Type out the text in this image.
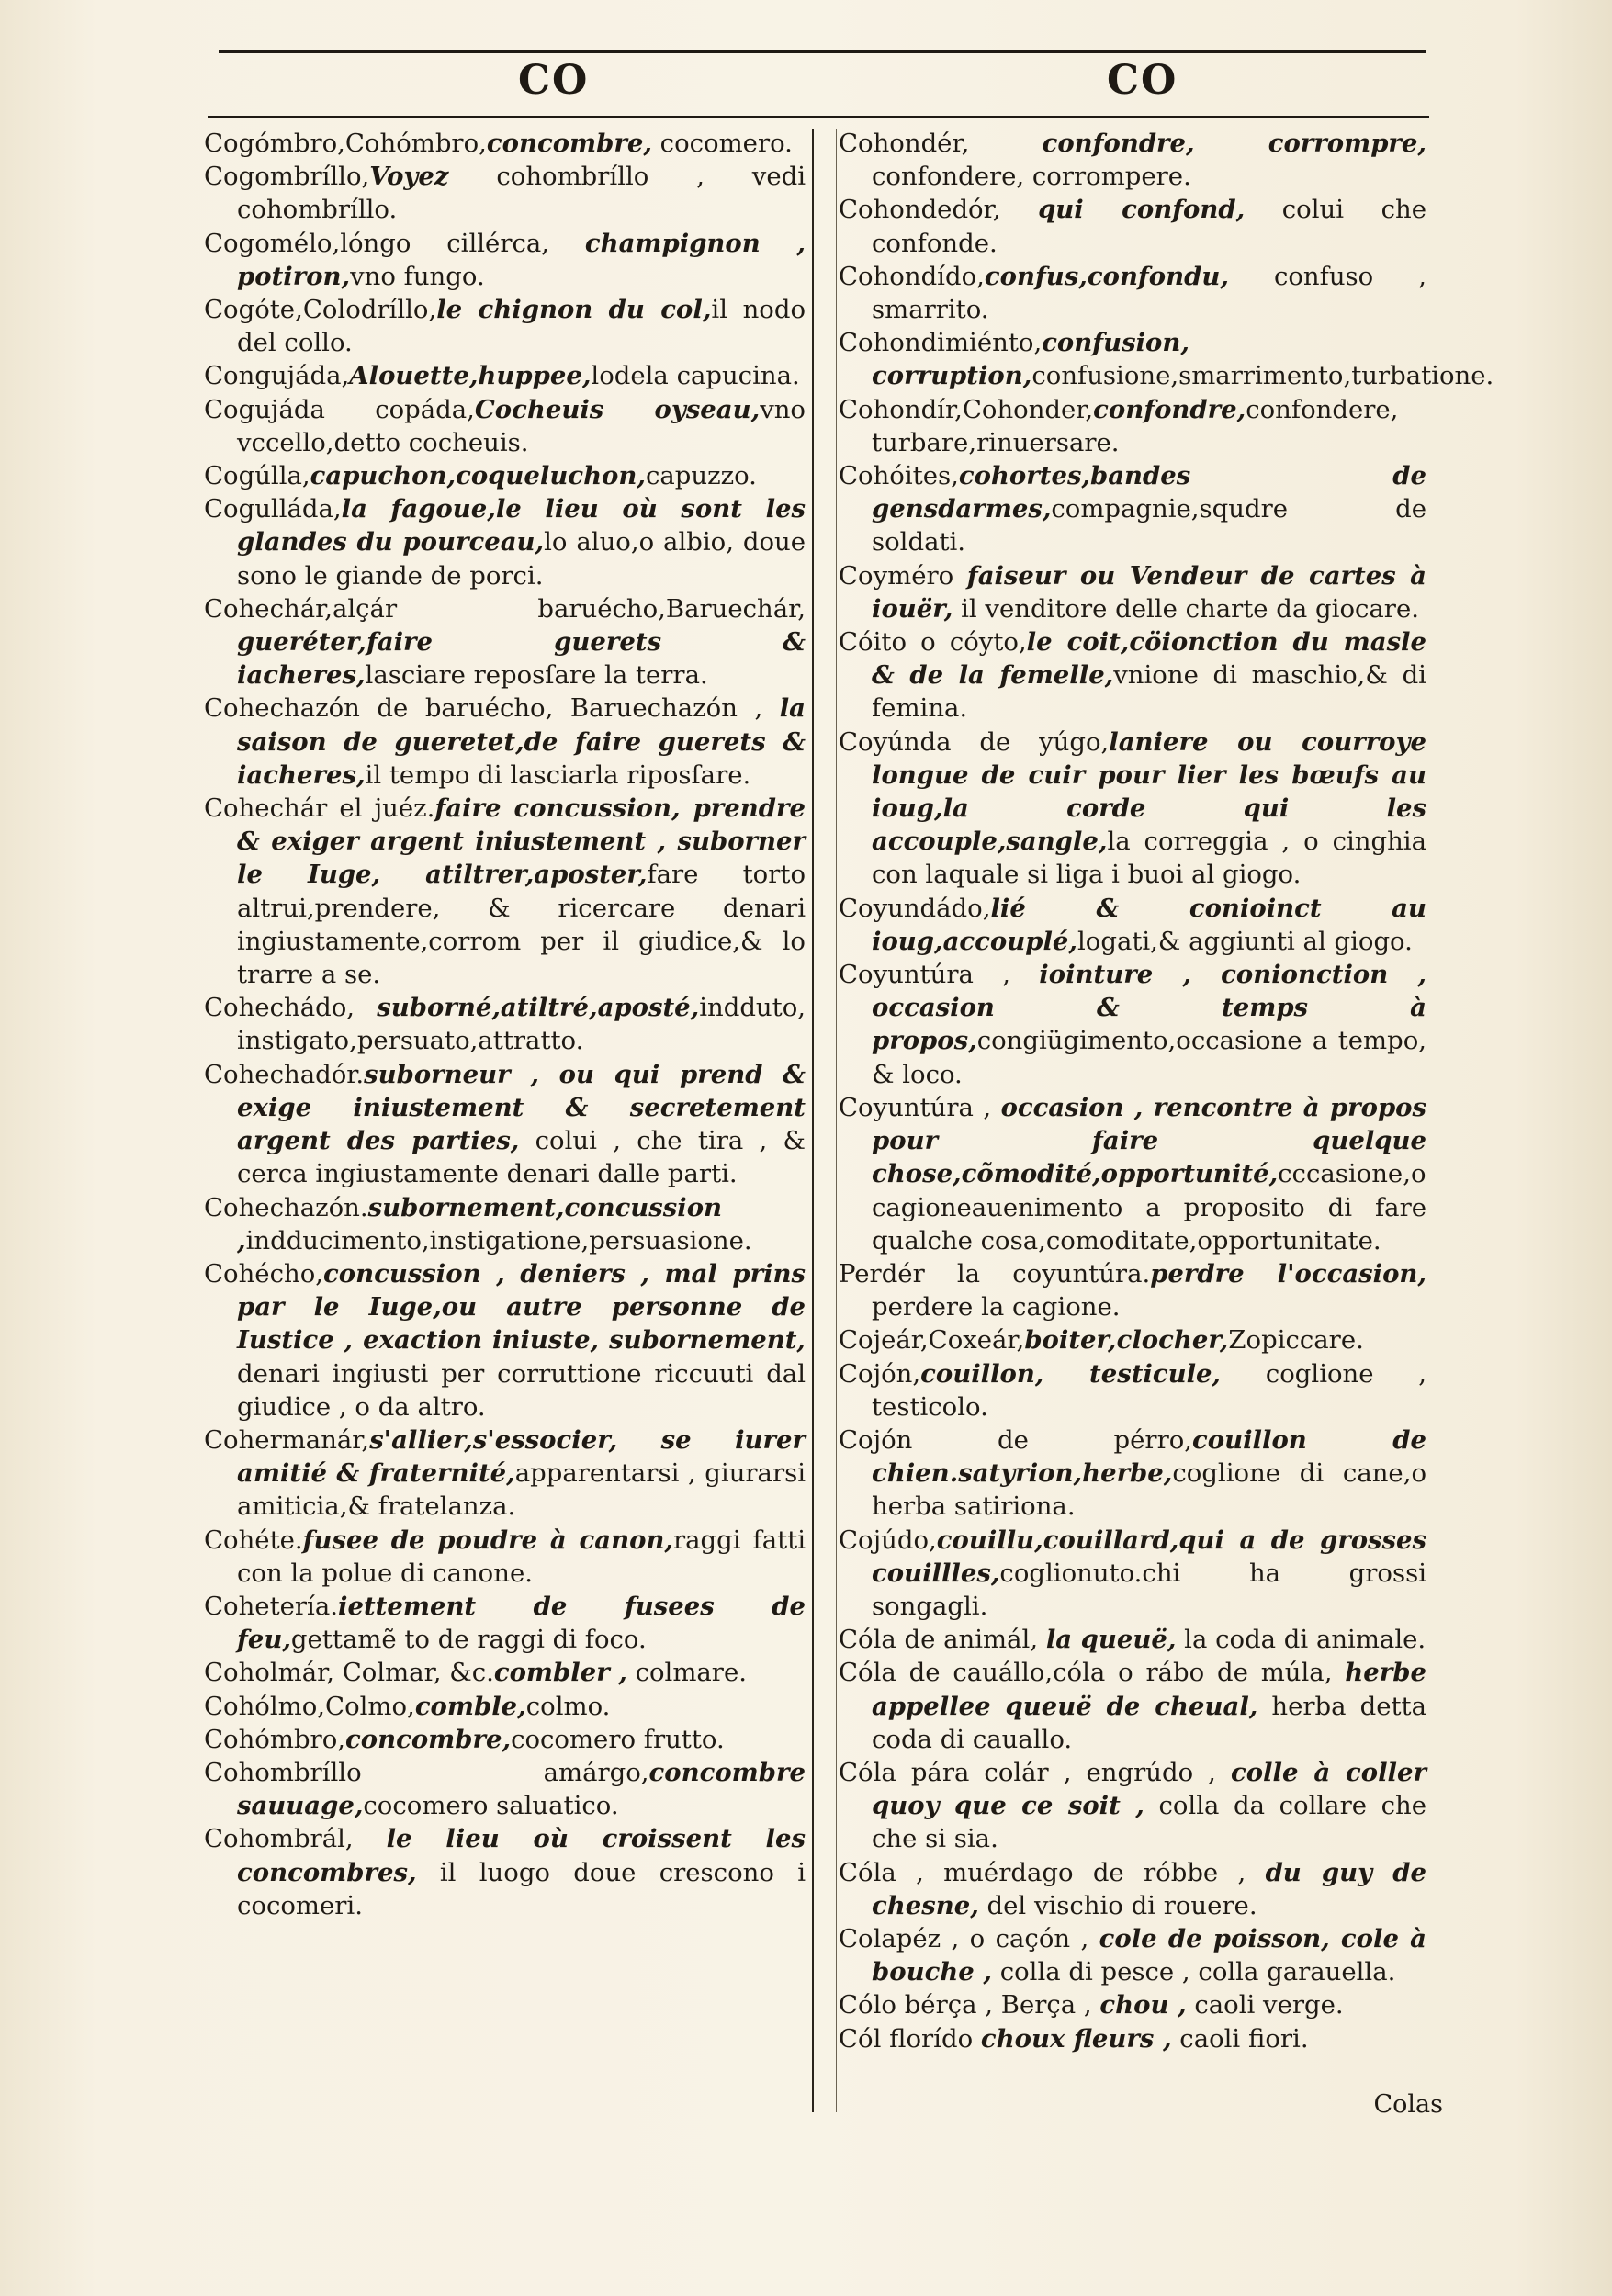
CO	CO

Cogómbro,Cohómbro,concombre, cocomero.

Cogombríllo,Voyez cohombríllo , vedi cohombríllo.

Cogomélo,lóngo cillérca, champignon , potiron,vno fungo.

Cogóte,Colodríllo,le chignon du col,il nodo del collo.

Congujáda,Alouette,huppee,lodela capucina.

Cogujáda copáda,Cocheuis oyseau,vno vccello,detto cocheuis.

Cogúlla,capuchon,coqueluchon,capuzzo.

Cogulláda,la fagoue,le lieu où sont les glandes du pourceau,lo aluo,o albio, doue sono le giande de porci.

Cohechár,alçár baruécho,Baruechár, gueréter,faire guerets & iacheres,lasciare reposſare la terra.

Cohechazón de baruécho, Baruechazón , la saison de gueretet,de faire guerets & iacheres,il tempo di lasciarla riposſare.

Cohechár el juéz.faire concussion, prendre & exiger argent iniustement , suborner le Iuge, atiltrer,aposter,fare torto altrui,prendere, & ricercare denari ingiustamente,corrom per il giudice,& lo trarre a se.

Cohechádo, suborné,atiltré,aposté,indduto, instigato,persuato,attratto.

Cohechadór.suborneur , ou qui prend & exige iniustement & secretement argent des parties, colui , che tira , & cerca ingiustamente denari dalle parti.

Cohechazón.subornement,concussion ,indducimento,instigatione,persuasione.

Cohécho,concussion , deniers , mal prins par le Iuge,ou autre personne de Iustice , exaction iniuste, subornement, denari ingiusti per corruttione riccuuti dal giudice , o da altro.

Cohermanár,s'allier,s'essocier, se iurer amitié & fraternité,apparentarsi , giurarsi amiticia,& fratelanza.

Cohéte.fusee de poudre à canon,raggi fatti con la polue di canone.

Cohetería.iettement de fusees de feu,gettamẽ to de raggi di foco.

Coholmár, Colmar, &c.combler , colmare.

Cohólmo,Colmo,comble,colmo.

Cohómbro,concombre,cocomero frutto.

Cohombríllo amárgo,concombre sauuage,cocomero saluatico.

Cohombrál, le lieu où croissent les concombres, il luogo doue crescono i cocomeri.

Cohondér, confondre, corrompre, confondere, corrompere.

Cohondedór, qui confond, colui che confonde.

Cohondído,confus,confondu, confuso , smarrito.

Cohondimiénto,confusion, corruption,confusione,smarrimento,turbatione.

Cohondír,Cohonder,confondre,confondere, turbare,rinuersare.

Cohóites,cohortes,bandes de gensdarmes,compagnie,squdre de soldati.

Coyméro faiseur ou Vendeur de cartes à iouër, il venditore delle charte da giocare.

Cóito o cóyto,le coit,cöionction du masle & de la femelle,vnione di maschio,& di femina.

Coyúnda de yúgo,laniere ou courroye longue de cuir pour lier les bœufs au ioug,la corde qui les accouple,sangle,la correggia , o cinghia con laquale si liga i buoi al giogo.

Coyundádo,lié & conioinct au ioug,accouplé,logati,& aggiunti al giogo.

Coyuntúra , iointure , conionction , occasion & temps à propos,congiügimento,occasione a tempo, & loco.

Coyuntúra , occasion , rencontre à propos pour faire quelque chose,cõmodité,opportunité,cccasione,o cagioneauenimento a proposito di fare qualche cosa,comoditate,opportunitate.

Perdér la coyuntúra.perdre l'occasion, perdere la cagione.

Cojeár,Coxeár,boiter,clocher,Zopiccare.

Cojón,couillon, testicule, coglione , testicolo.

Cojón de pérro,couillon de chien.satyrion,herbe,coglione di cane,o herba satiriona.

Cojúdo,couillu,couillard,qui a de grosses couillles,coglionuto.chi ha grossi songagli.

Cóla de animál, la queuë, la coda di animale.

Cóla de cauállo,cóla o rábo de múla, herbe appellee queuë de cheual, herba detta coda di cauallo.

Cóla pára colár , engrúdo , colle à coller quoy que ce soit , colla da collare che che si sia.

Cóla , muérdago de róbbe , du guy de chesne, del vischio di rouere.

Colapéz , o caçón , cole de poisson, cole à bouche , colla di pesce , colla garauella.

Cólo bérça , Berça , chou , caoli verge.

Cól florído choux fleurs , caoli fiori.

Colas
